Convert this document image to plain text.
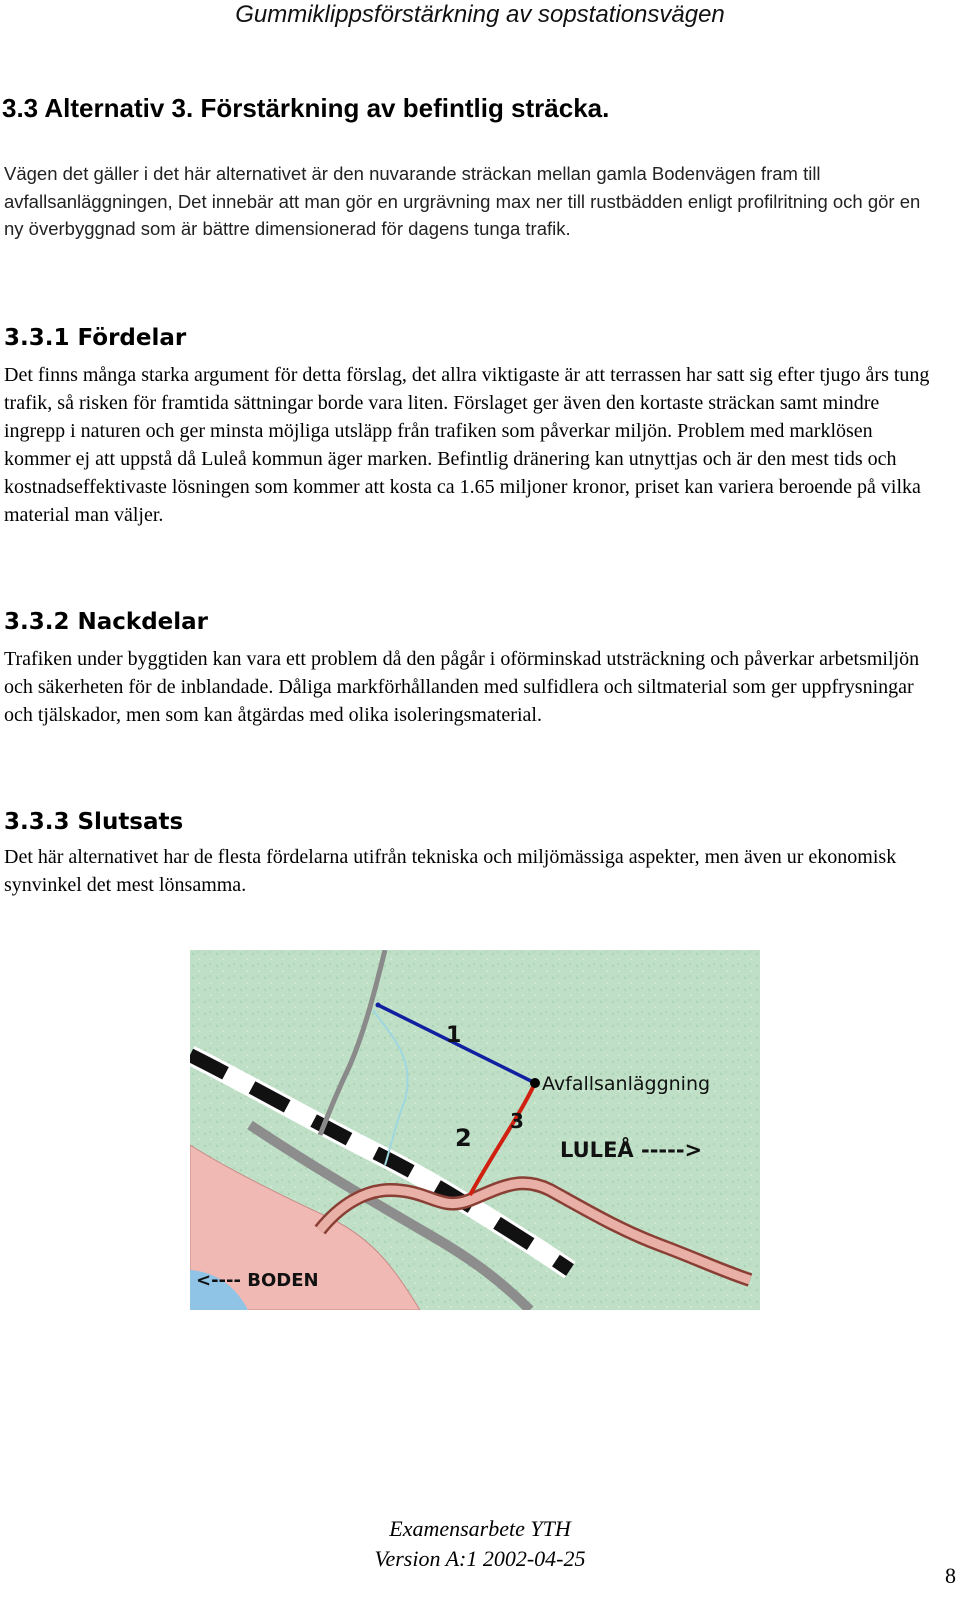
Gummiklippsförstärkning av sopstationsvägen
3.3 Alternativ 3. Förstärkning av befintlig sträcka.

Vägen det gäller i det här alternativet är den nuvarande sträckan mellan gamla Bodenvägen fram till avfallsanläggningen, Det innebär att man gör en urgrävning max ner till rustbädden enligt profilritning och gör en ny överbyggnad som är bättre dimensionerad för dagens tunga trafik.

3.3.1 Fördelar

Det finns många starka argument för detta förslag, det allra viktigaste är att terrassen har satt sig efter tjugo års tung trafik, så risken för framtida sättningar borde vara liten. Förslaget ger även den kortaste sträckan samt mindre ingrepp i naturen och ger minsta möjliga utsläpp från trafiken som påverkar miljön. Problem med marklösen kommer ej att uppstå då Luleå kommun äger marken. Befintlig dränering kan utnyttjas och är den mest tids och kostnadseffektivaste lösningen som kommer att kosta ca 1.65 miljoner kronor, priset kan variera beroende på vilka material man väljer.

3.3.2 Nackdelar

Trafiken under byggtiden kan vara ett problem då den pågår i oförminskad utsträckning och påverkar arbetsmiljön och säkerheten för de inblandade. Dåliga markförhållanden med sulfidlera och siltmaterial som ger uppfrysningar och tjälskador, men som kan åtgärdas med olika isoleringsmaterial.

3.3.3 Slutsats

Det här alternativet har de flesta fördelarna utifrån tekniska och miljömässiga aspekter, men även ur ekonomisk synvinkel det mest lönsamma.

1
2
3
Avfallsanläggning
LULEÅ ----->
<---- BODEN
Examensarbete YTH
Version A:1 2002-04-25
8
